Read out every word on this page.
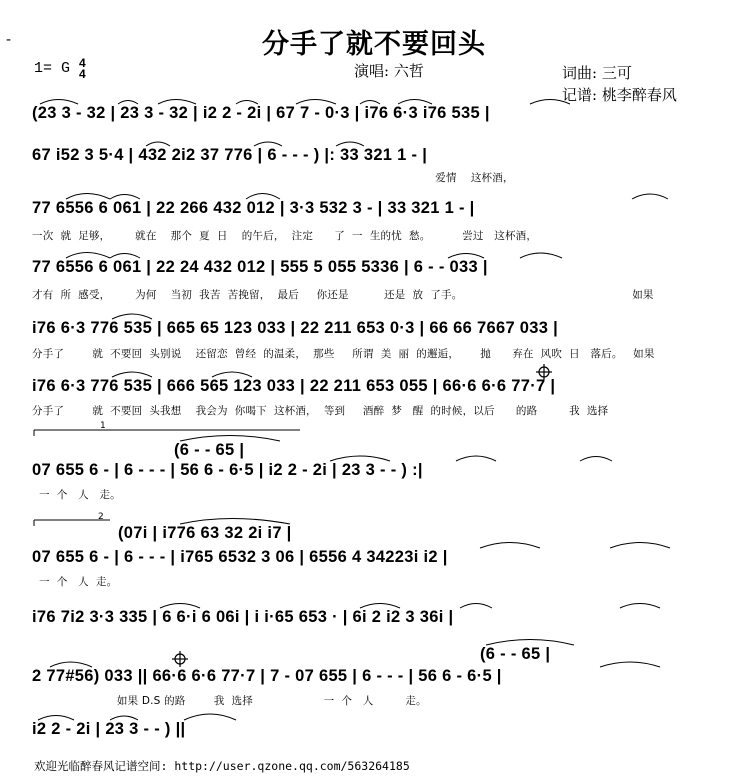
-	分手了就不要回头
1= G 4
4	演唱: 六哲	词曲: 三可
记谱: 桃李醉春风
(23 3 - 32 | 23 3 - 32 | i2 2 - 2i | 67 7 - 0·3 | i76 6·3 i76 535 |
67 i52 3 5·4 | 432 2i2 37 776 | 6 - - - ) |: 33 321 1 - |
爱情    这杯酒，
77 6556 6 061 | 22 266 432 012 | 3·3 532 3 - | 33 321 1 - |
一次  就  足够，       就在    那个  夏  日    的午后，  注定      了  一  生的忧  愁。         尝过   这杯酒，
77 6556 6 061 | 22 24 432 012 | 555 5 055 5336 | 6 - - 033 |
才有  所  感受，       为何    当初  我苦  苦挽留，  最后     你还是          还是  放  了手。                                                如果
i76 6·3 776 535 | 665 65 123 033 | 22 211 653 0·3 | 66 66 7667 033 |
分手了        就  不要回  头别说    还留恋  曾经  的温柔，  那些     所谓  美  丽  的邂逅，      抛      弃在  风吹  日   落后。   如果
i76 6·3 776 535 | 666 565 123 033 | 22 211 653 055 | 66·6 6·6 77·7 |
分手了        就  不要回  头我想    我会为  你喝下  这杯酒，  等到     酒醉  梦   醒  的时候，以后      的路         我  选择
1
(6 - - 65 |
07 655 6 - | 6 - - - | 56 6 - 6·5 | i2 2 - 2i | 23 3 - - ) :|
一  个   人   走。
2
(07i | i776 63 32 2i i7 |
07 655 6 - | 6 - - - | i765 6532 3 06 | 6556 4 34223i i2 |
一  个   人  走。
i76 7i2 3·3 335 | 6 6·i 6 06i | i i·65 653 · | 6i 2 i2 3 36i |
(6 - - 65 |
2 77#56) 033 || 66·6 6·6 77·7 | 7 - 07 655 | 6 - - - | 56 6 - 6·5 |
如果 D.S 的路        我  选择                    一  个   人         走。
i2 2 - 2i | 23 3 - - ) ||
欢迎光临醉春风记谱空间: http://user.qzone.qq.com/563264185
